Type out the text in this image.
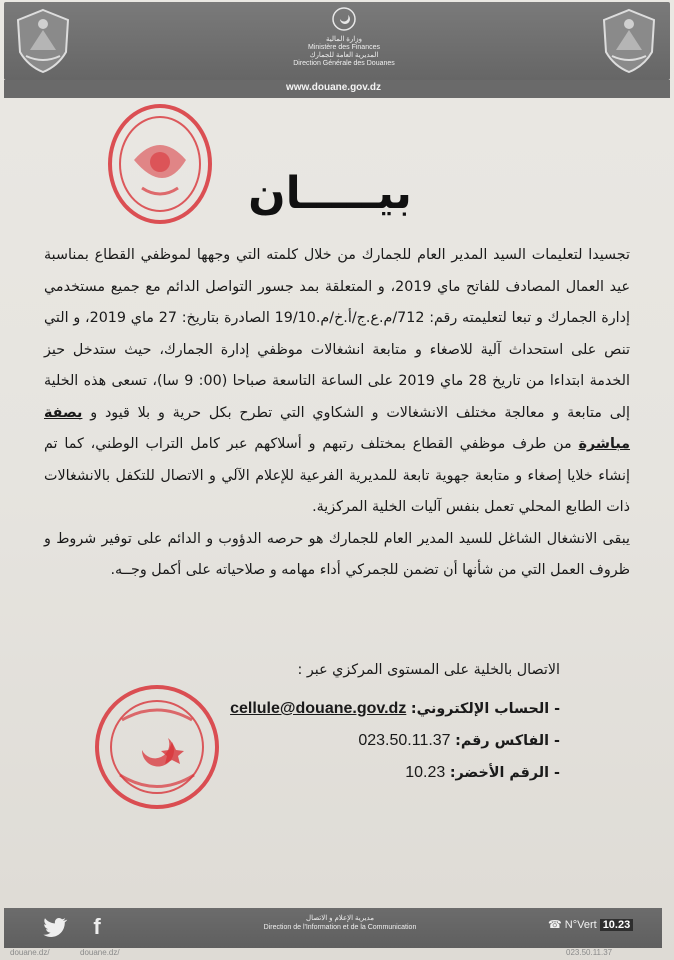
وزارة المالية
Ministère des Finances
المديرية العامة للجمارك
Direction Générale des Douanes
www.douane.gov.dz
بيـــــان

تجسيدا لتعليمات السيد المدير العام للجمارك من خلال كلمته التي وجهها لموظفي القطاع بمناسبة عيد العمال المصادف للفاتح ماي 2019، و المتعلقة بمد جسور التواصل الدائم مع جميع مستخدمي إدارة الجمارك و تبعا لتعليمته رقم: 712/م.ع.ج/أ.خ/م.19/10 الصادرة بتاريخ: 27 ماي 2019، و التي تنص على استحداث آلية للاصغاء و متابعة انشغالات موظفي إدارة الجمارك، حيث ستدخل حيز الخدمة ابتداءا من تاريخ 28 ماي 2019 على الساعة التاسعة صباحا (00: 9 سا)، تسعى هذه الخلية إلى متابعة و معالجة مختلف الانشغالات و الشكاوي التي تطرح بكل حرية و بلا قيود و بصفة مباشرة من طرف موظفي القطاع بمختلف رتبهم و أسلاكهم عبر كامل التراب الوطني، كما تم إنشاء خلايا إصغاء و متابعة جهوية تابعة للمديرية الفرعية للإعلام الآلي و الاتصال للتكفل بالانشغالات ذات الطابع المحلي تعمل بنفس آليات الخلية المركزية.

يبقى الانشغال الشاغل للسيد المدير العام للجمارك هو حرصه الدؤوب و الدائم على توفير شروط و ظروف العمل التي من شأنها أن تضمن للجمركي أداء مهامه و صلاحياته على أكمل وجــه.

الاتصال بالخلية على المستوى المركزي عبر :
- الحساب الإلكتروني: cellule@douane.gov.dz
- الفاكس رقم: 023.50.11.37
- الرقم الأخضر: 10.23
f	مديرية الإعلام و الاتصال
Direction de l'Information et de la Communication	☎ N°Vert 10.23
douane.dz/	douane.dz/	023.50.11.37
